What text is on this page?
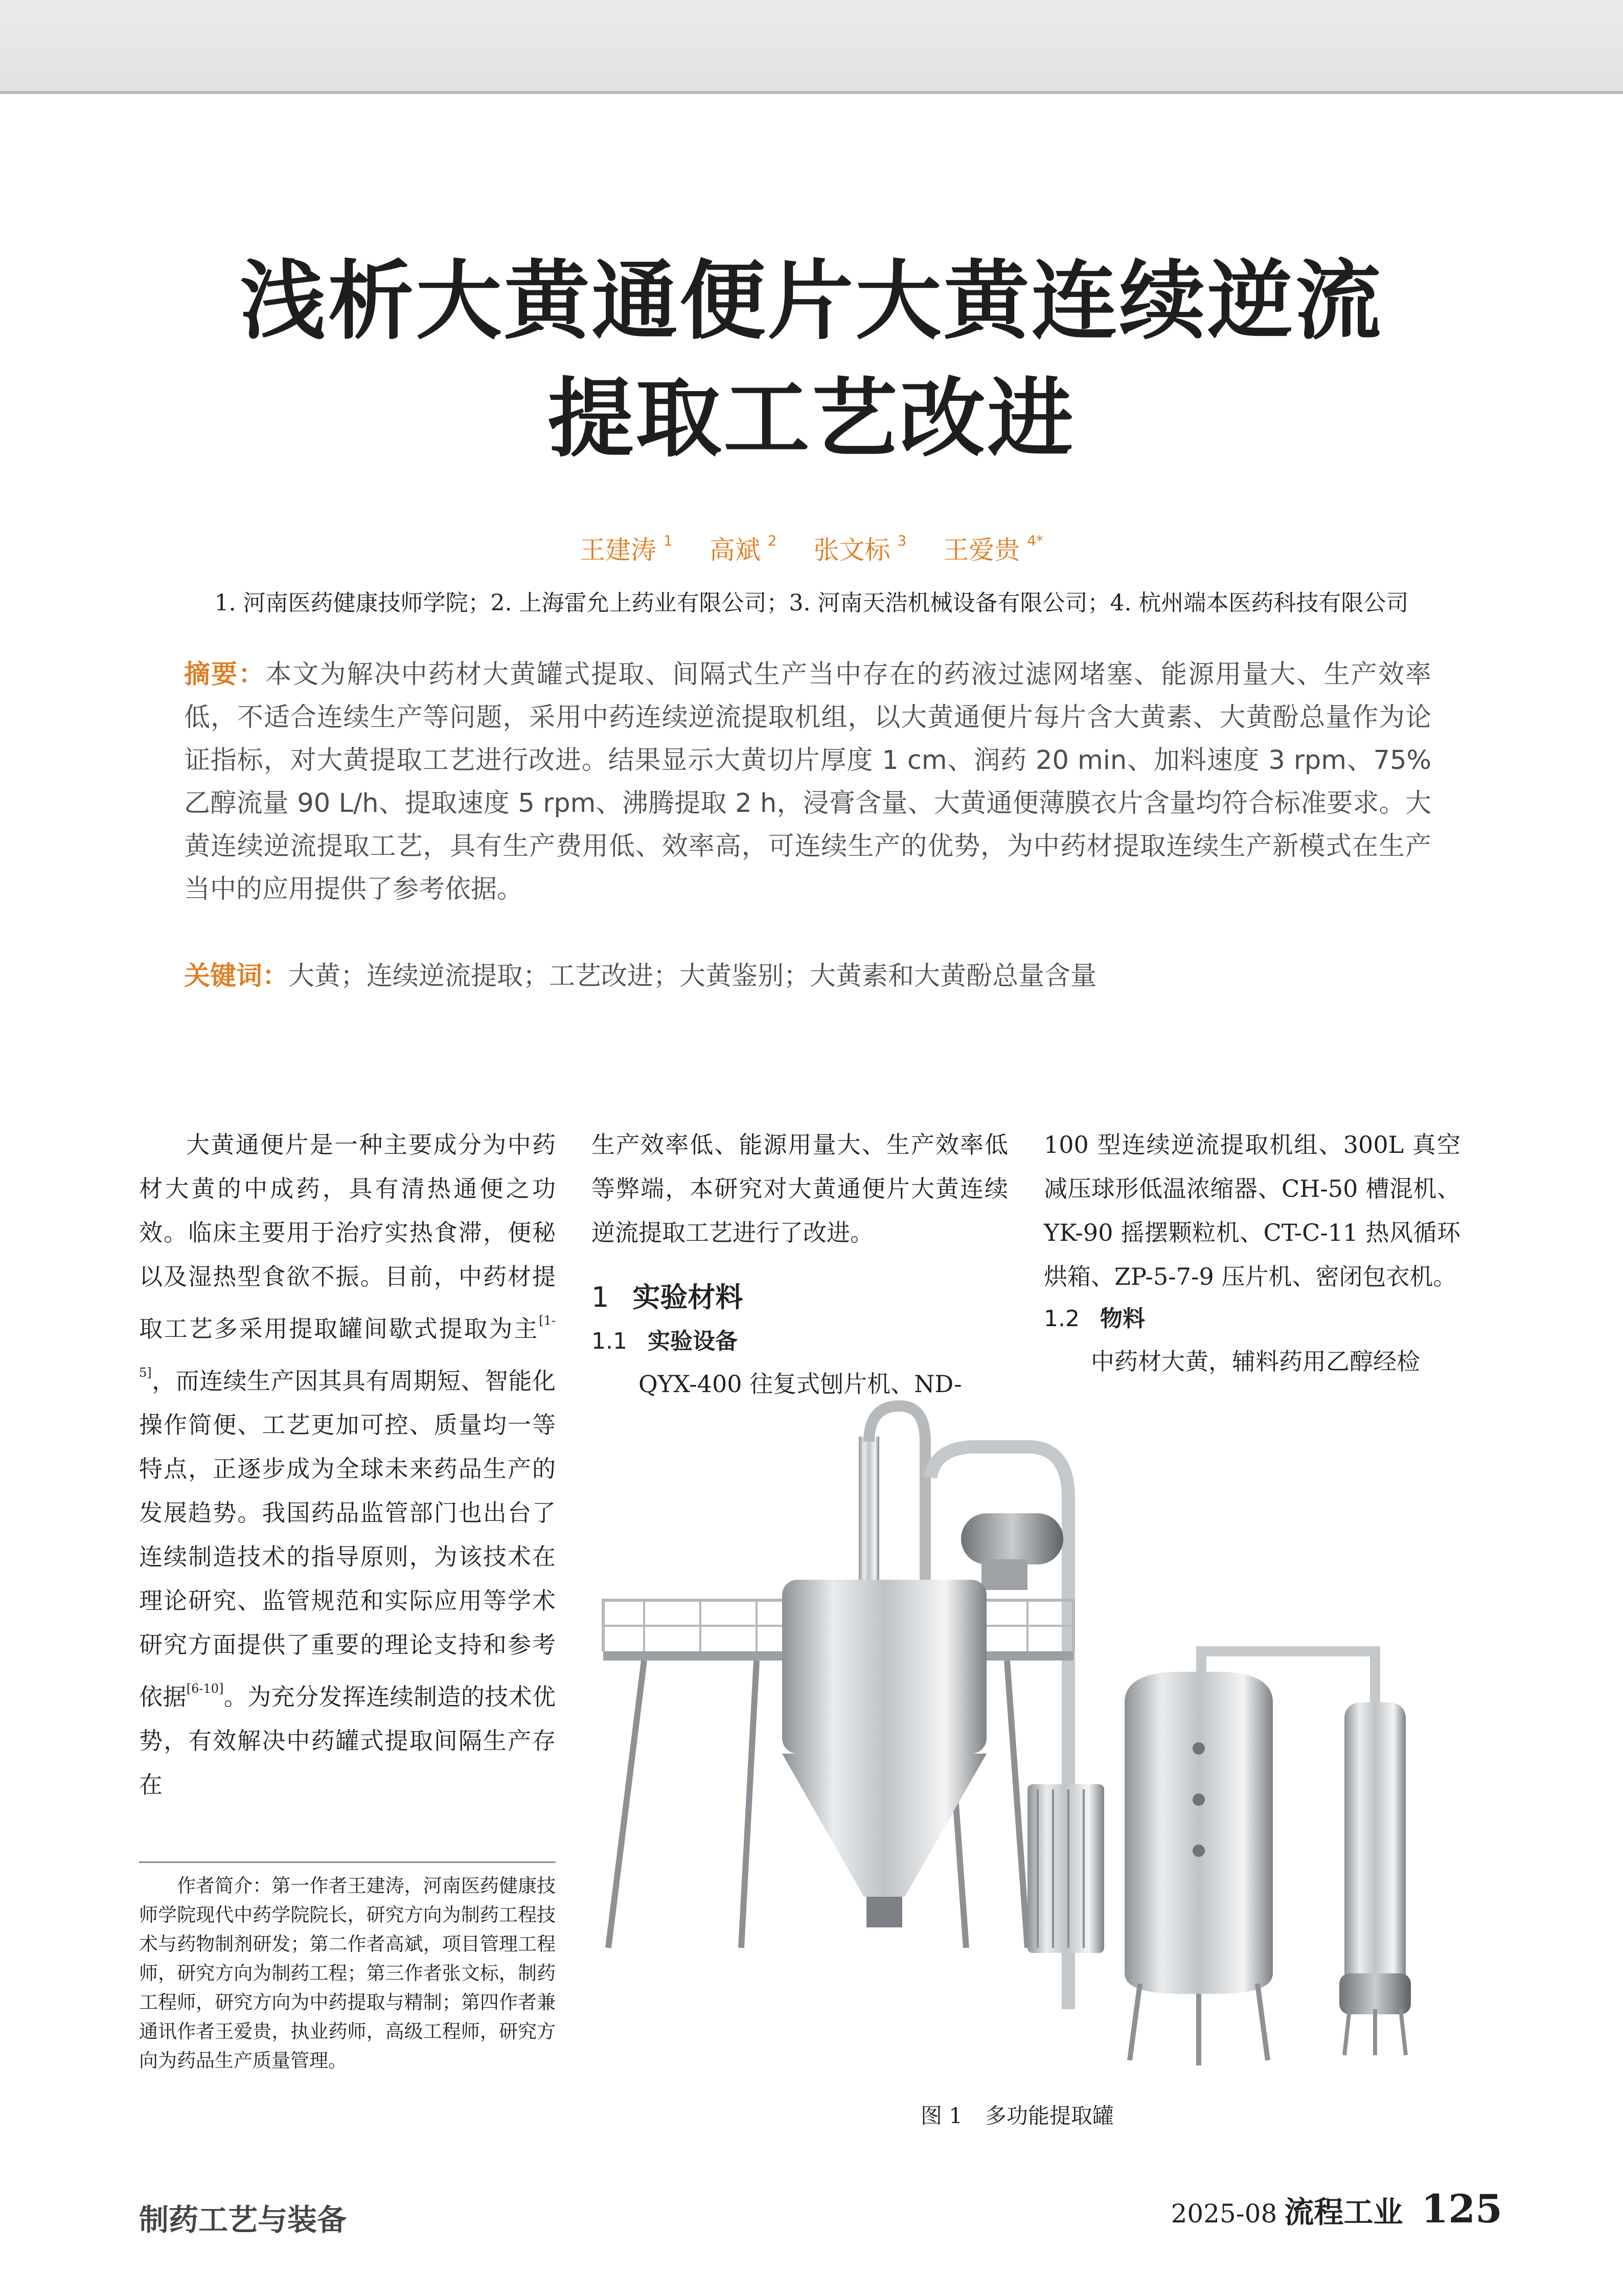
浅析大黄通便片大黄连续逆流
提取工艺改进
王建涛 $^1$ 高斌 $^2$ 张文标 $^3$ 王爱贵 $^{4*}$
1. 河南医药健康技师学院；2. 上海雷允上药业有限公司；3. 河南天浩机械设备有限公司；4. 杭州端本医药科技有限公司
摘要：本文为解决中药材大黄罐式提取、间隔式生产当中存在的药液过滤网堵塞、能源用量大、生产效率低，不适合连续生产等问题，采用中药连续逆流提取机组，以大黄通便片每片含大黄素、大黄酚总量作为论证指标，对大黄提取工艺进行改进。结果显示大黄切片厚度 1 cm、润药 20 min、加料速度 3 rpm、75% 乙醇流量 90 L/h、提取速度 5 rpm、沸腾提取 2 h，浸膏含量、大黄通便薄膜衣片含量均符合标准要求。大黄连续逆流提取工艺，具有生产费用低、效率高，可连续生产的优势，为中药材提取连续生产新模式在生产当中的应用提供了参考依据。
关键词：大黄；连续逆流提取；工艺改进；大黄鉴别；大黄素和大黄酚总量含量

大黄通便片是一种主要成分为中药材大黄的中成药，具有清热通便之功效。临床主要用于治疗实热食滞，便秘以及湿热型食欲不振。目前，中药材提取工艺多采用提取罐间歇式提取为主[1-5]，而连续生产因其具有周期短、智能化操作简便、工艺更加可控、质量均一等特点，正逐步成为全球未来药品生产的发展趋势。我国药品监管部门也出台了连续制造技术的指导原则，为该技术在理论研究、监管规范和实际应用等学术研究方面提供了重要的理论支持和参考依据[6-10]。为充分发挥连续制造的技术优势，有效解决中药罐式提取间隔生产存在

生产效率低、能源用量大、生产效率低等弊端，本研究对大黄通便片大黄连续逆流提取工艺进行了改进。

1 实验材料

1.1 实验设备

QYX-400 往复式刨片机、ND-

100 型连续逆流提取机组、300L 真空减压球形低温浓缩器、CH-50 槽混机、YK-90 摇摆颗粒机、CT-C-11 热风循环烘箱、ZP-5-7-9 压片机、密闭包衣机。

1.2 物料

中药材大黄，辅料药用乙醇经检

作者简介：第一作者王建涛，河南医药健康技师学院现代中药学院院长，研究方向为制药工程技术与药物制剂研发；第二作者高斌，项目管理工程师，研究方向为制药工程；第三作者张文标，制药工程师，研究方向为中药提取与精制；第四作者兼通讯作者王爱贵，执业药师，高级工程师，研究方向为药品生产质量管理。
图 1 多功能提取罐
制药工艺与装备	2025-08 流程工业 125
